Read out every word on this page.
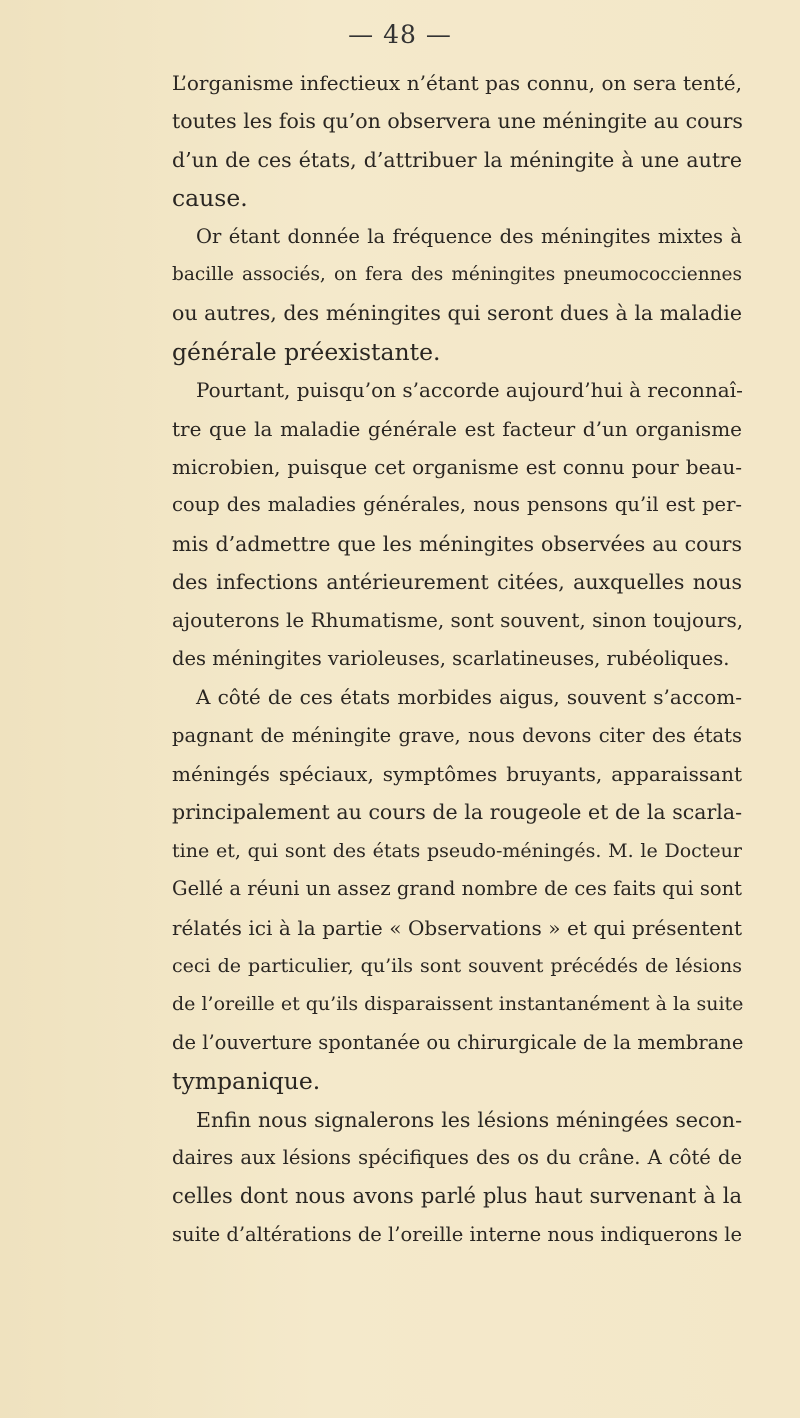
— 48 —
L’organisme infectieux n’étant pas connu, on sera tenté,
toutes les fois qu’on observera une méningite au cours
d’un de ces états, d’attribuer la méningite à une autre
cause.
Or étant donnée la fréquence des méningites mixtes à
bacille associés, on fera des méningites pneumococciennes
ou autres, des méningites qui seront dues à la maladie
générale préexistante.
Pourtant, puisqu’on s’accorde aujourd’hui à reconnaî-
tre que la maladie générale est facteur d’un organisme
microbien, puisque cet organisme est connu pour beau-
coup des maladies générales, nous pensons qu’il est per-
mis d’admettre que les méningites observées au cours
des infections antérieurement citées, auxquelles nous
ajouterons le Rhumatisme, sont souvent, sinon toujours,
des méningites varioleuses, scarlatineuses, rubéoliques.
A côté de ces états morbides aigus, souvent s’accom-
pagnant de méningite grave, nous devons citer des états
méningés spéciaux, symptômes bruyants, apparaissant
principalement au cours de la rougeole et de la scarla-
tine et, qui sont des états pseudo-méningés. M. le Docteur
Gellé a réuni un assez grand nombre de ces faits qui sont
rélatés ici à la partie « Observations » et qui présentent
ceci de particulier, qu’ils sont souvent précédés de lésions
de l’oreille et qu’ils disparaissent instantanément à la suite
de l’ouverture spontanée ou chirurgicale de la membrane
tympanique.
Enfin nous signalerons les lésions méningées secon-
daires aux lésions spécifiques des os du crâne. A côté de
celles dont nous avons parlé plus haut survenant à la
suite d’altérations de l’oreille interne nous indiquerons le
